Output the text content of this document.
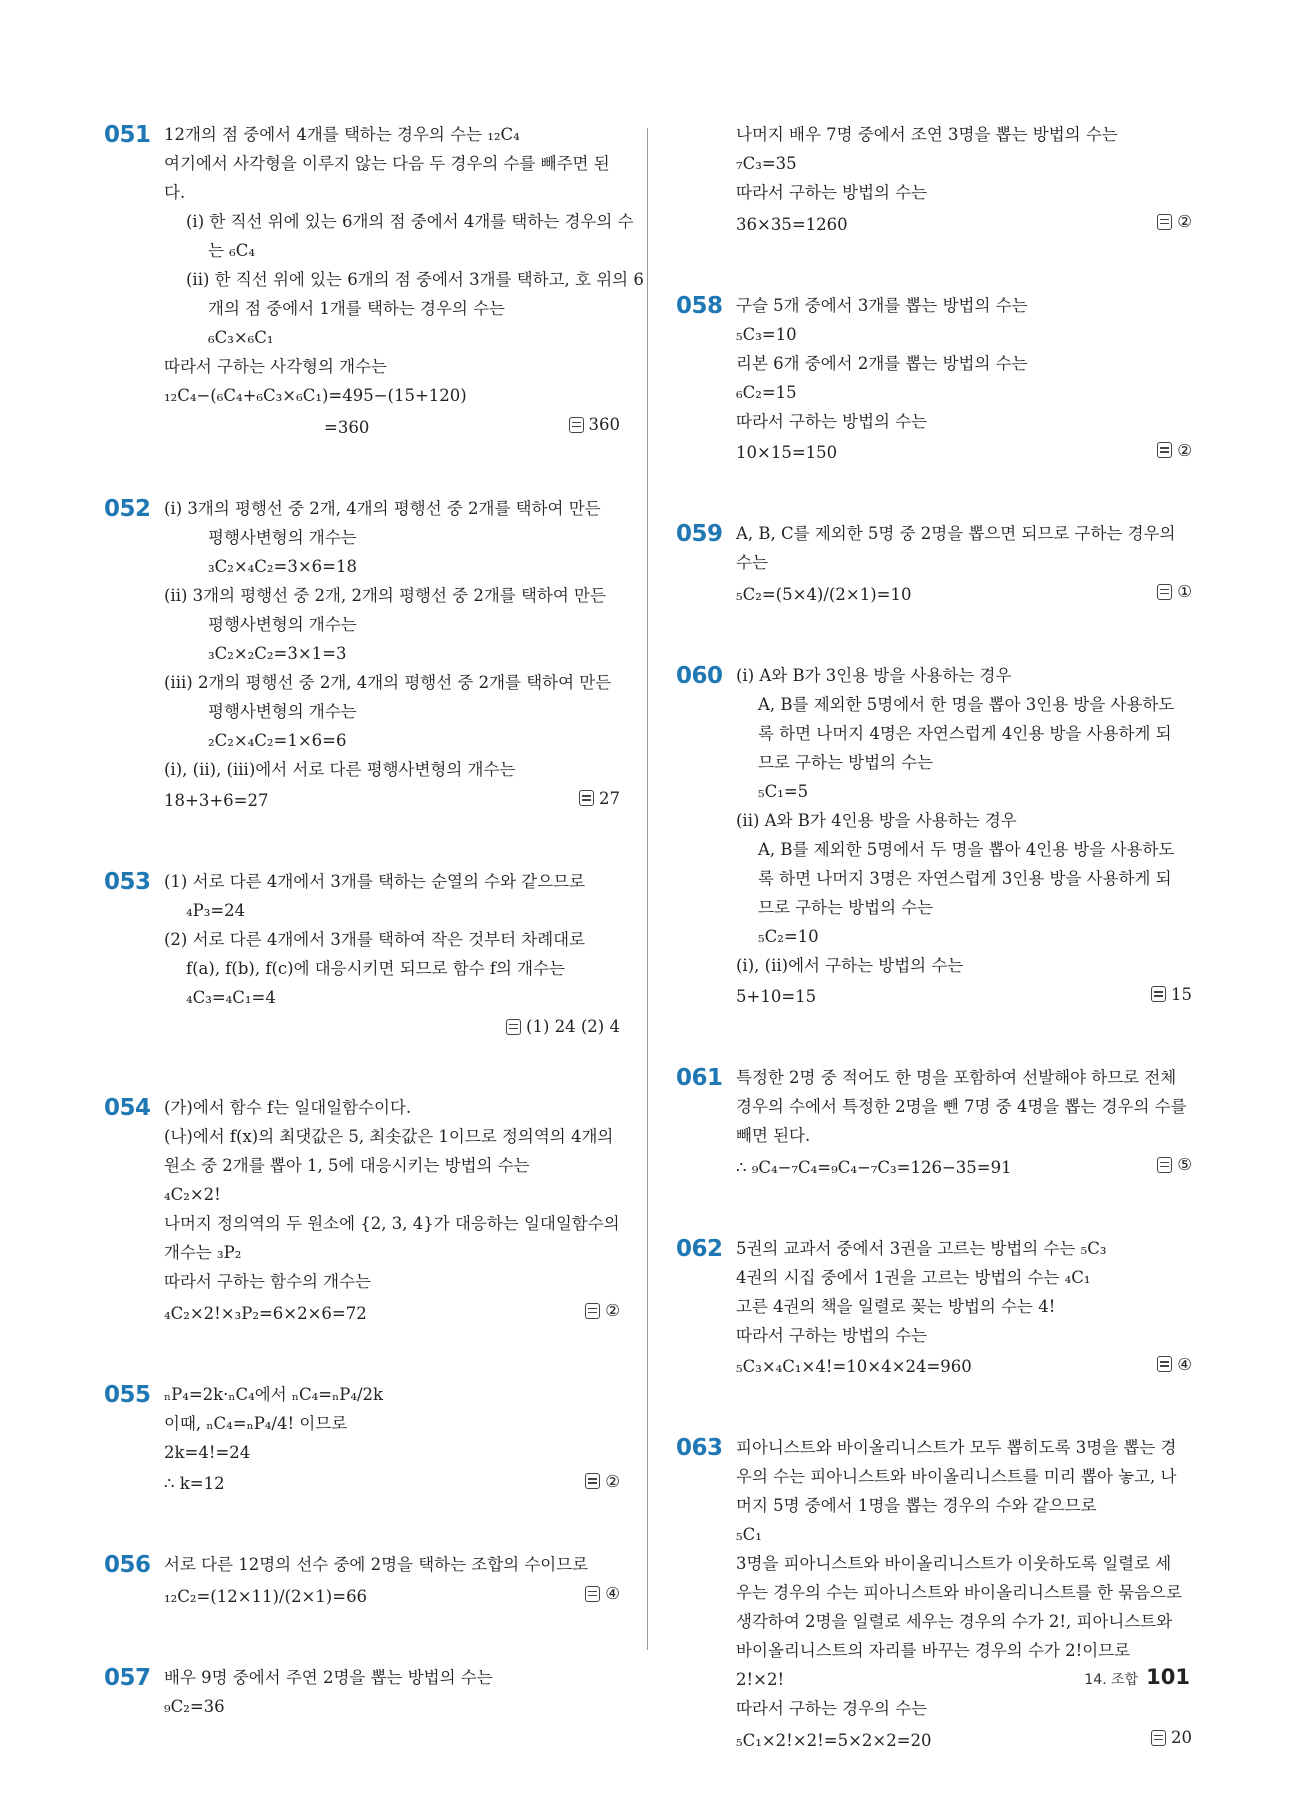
051 12개의 점 중에서 4개를 택하는 경우의 수는 ₁₂C₄
여기에서 사각형을 이루지 않는 다음 두 경우의 수를 빼주면 된다.
(i) 한 직선 위에 있는 6개의 점 중에서 4개를 택하는 경우의 수
는 ₆C₄
(ii) 한 직선 위에 있는 6개의 점 중에서 3개를 택하고, 호 위의 6
개의 점 중에서 1개를 택하는 경우의 수는
₆C₃×₆C₁
따라서 구하는 사각형의 개수는
₁₂C₄−(₆C₄+₆C₃×₆C₁)=495−(15+120)
=360	360
052 (i) 3개의 평행선 중 2개, 4개의 평행선 중 2개를 택하여 만든
평행사변형의 개수는
₃C₂×₄C₂=3×6=18
(ii) 3개의 평행선 중 2개, 2개의 평행선 중 2개를 택하여 만든
평행사변형의 개수는
₃C₂×₂C₂=3×1=3
(iii) 2개의 평행선 중 2개, 4개의 평행선 중 2개를 택하여 만든
평행사변형의 개수는
₂C₂×₄C₂=1×6=6
(i), (ii), (iii)에서 서로 다른 평행사변형의 개수는
18+3+6=27	27
053 (1) 서로 다른 4개에서 3개를 택하는 순열의 수와 같으므로
₄P₃=24
(2) 서로 다른 4개에서 3개를 택하여 작은 것부터 차례대로
f(a), f(b), f(c)에 대응시키면 되므로 함수 f의 개수는
₄C₃=₄C₁=4
(1) 24 (2) 4
054 (가)에서 함수 f는 일대일함수이다.
(나)에서 f(x)의 최댓값은 5, 최솟값은 1이므로 정의역의 4개의
원소 중 2개를 뽑아 1, 5에 대응시키는 방법의 수는
₄C₂×2!
나머지 정의역의 두 원소에 {2, 3, 4}가 대응하는 일대일함수의
개수는 ₃P₂
따라서 구하는 함수의 개수는
₄C₂×2!×₃P₂=6×2×6=72	②
055 ₙP₄=2k·ₙC₄에서 ₙC₄=ₙP₄/2k
이때, ₙC₄=ₙP₄/4! 이므로
2k=4!=24
∴ k=12	②
056 서로 다른 12명의 선수 중에 2명을 택하는 조합의 수이므로
₁₂C₂=(12×11)/(2×1)=66	④
057 배우 9명 중에서 주연 2명을 뽑는 방법의 수는
₉C₂=36
나머지 배우 7명 중에서 조연 3명을 뽑는 방법의 수는
₇C₃=35
따라서 구하는 방법의 수는
36×35=1260	②
058 구슬 5개 중에서 3개를 뽑는 방법의 수는
₅C₃=10
리본 6개 중에서 2개를 뽑는 방법의 수는
₆C₂=15
따라서 구하는 방법의 수는
10×15=150	②
059 A, B, C를 제외한 5명 중 2명을 뽑으면 되므로 구하는 경우의
수는
₅C₂=(5×4)/(2×1)=10	①
060 (i) A와 B가 3인용 방을 사용하는 경우
A, B를 제외한 5명에서 한 명을 뽑아 3인용 방을 사용하도
록 하면 나머지 4명은 자연스럽게 4인용 방을 사용하게 되
므로 구하는 방법의 수는
₅C₁=5
(ii) A와 B가 4인용 방을 사용하는 경우
A, B를 제외한 5명에서 두 명을 뽑아 4인용 방을 사용하도
록 하면 나머지 3명은 자연스럽게 3인용 방을 사용하게 되
므로 구하는 방법의 수는
₅C₂=10
(i), (ii)에서 구하는 방법의 수는
5+10=15	15
061 특정한 2명 중 적어도 한 명을 포함하여 선발해야 하므로 전체
경우의 수에서 특정한 2명을 뺀 7명 중 4명을 뽑는 경우의 수를
빼면 된다.
∴ ₉C₄−₇C₄=₉C₄−₇C₃=126−35=91	⑤
062 5권의 교과서 중에서 3권을 고르는 방법의 수는 ₅C₃
4권의 시집 중에서 1권을 고르는 방법의 수는 ₄C₁
고른 4권의 책을 일렬로 꽂는 방법의 수는 4!
따라서 구하는 방법의 수는
₅C₃×₄C₁×4!=10×4×24=960	④
063 피아니스트와 바이올리니스트가 모두 뽑히도록 3명을 뽑는 경
우의 수는 피아니스트와 바이올리니스트를 미리 뽑아 놓고, 나
머지 5명 중에서 1명을 뽑는 경우의 수와 같으므로
₅C₁
3명을 피아니스트와 바이올리니스트가 이웃하도록 일렬로 세
우는 경우의 수는 피아니스트와 바이올리니스트를 한 묶음으로
생각하여 2명을 일렬로 세우는 경우의 수가 2!, 피아니스트와
바이올리니스트의 자리를 바꾸는 경우의 수가 2!이므로
2!×2!
따라서 구하는 경우의 수는
₅C₁×2!×2!=5×2×2=20	20
14. 조합 101
